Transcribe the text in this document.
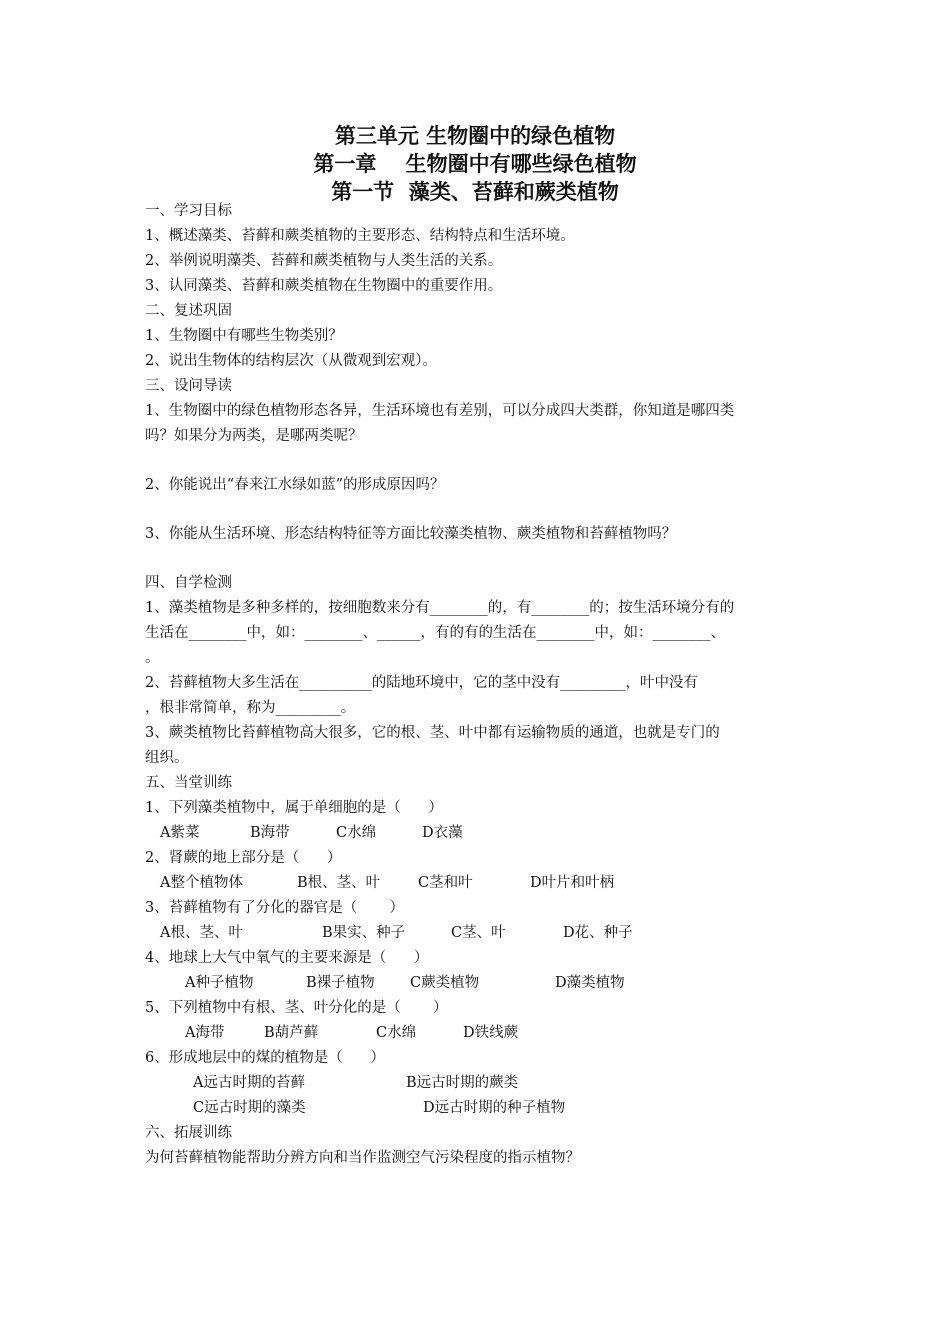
第三单元 生物圈中的绿色植物

第一章    生物圈中有哪些绿色植物

第一节  藻类、苔藓和蕨类植物

一、学习目标

1、概述藻类、苔藓和蕨类植物的主要形态、结构特点和生活环境。

2、举例说明藻类、苔藓和蕨类植物与人类生活的关系。

3、认同藻类、苔藓和蕨类植物在生物圈中的重要作用。

二、复述巩固

1、生物圈中有哪些生物类别？

2、说出生物体的结构层次（从微观到宏观）。

三、设问导读

1、生物圈中的绿色植物形态各异，生活环境也有差别，可以分成四大类群，你知道是哪四类

吗？如果分为两类，是哪两类呢？

2、你能说出“春来江水绿如蓝”的形成原因吗？

3、你能从生活环境、形态结构特征等方面比较藻类植物、蕨类植物和苔藓植物吗？

四、自学检测

1、藻类植物是多种多样的，按细胞数来分有________的，有________的；按生活环境分有的

生活在________中，如：________、______，有的有的生活在________中，如：________、

。

2、苔藓植物大多生活在__________的陆地环境中，它的茎中没有_________，叶中没有

，根非常简单，称为_________。

3、蕨类植物比苔藓植物高大很多，它的根、茎、叶中都有运输物质的通道，也就是专门的

组织。

五、当堂训练

1、下列藻类植物中，属于单细胞的是（      ）

A紫菜	B海带	C水绵	D衣藻

2、肾蕨的地上部分是（      ）

A整个植物体	B根、茎、叶	C茎和叶	D叶片和叶柄

3、苔藓植物有了分化的器官是（       ）

A根、茎、叶	B果实、种子	C茎、叶	D花、种子

4、地球上大气中氧气的主要来源是（      ）

A种子植物	B裸子植物 C蕨类植物	D藻类植物

5、下列植物中有根、茎、叶分化的是（       ）

A海带	B葫芦藓	C水绵	D铁线蕨

6、形成地层中的煤的植物是（      ）

A远古时期的苔藓	B远古时期的蕨类

C远古时期的藻类	D远古时期的种子植物

六、拓展训练

为何苔藓植物能帮助分辨方向和当作监测空气污染程度的指示植物？
